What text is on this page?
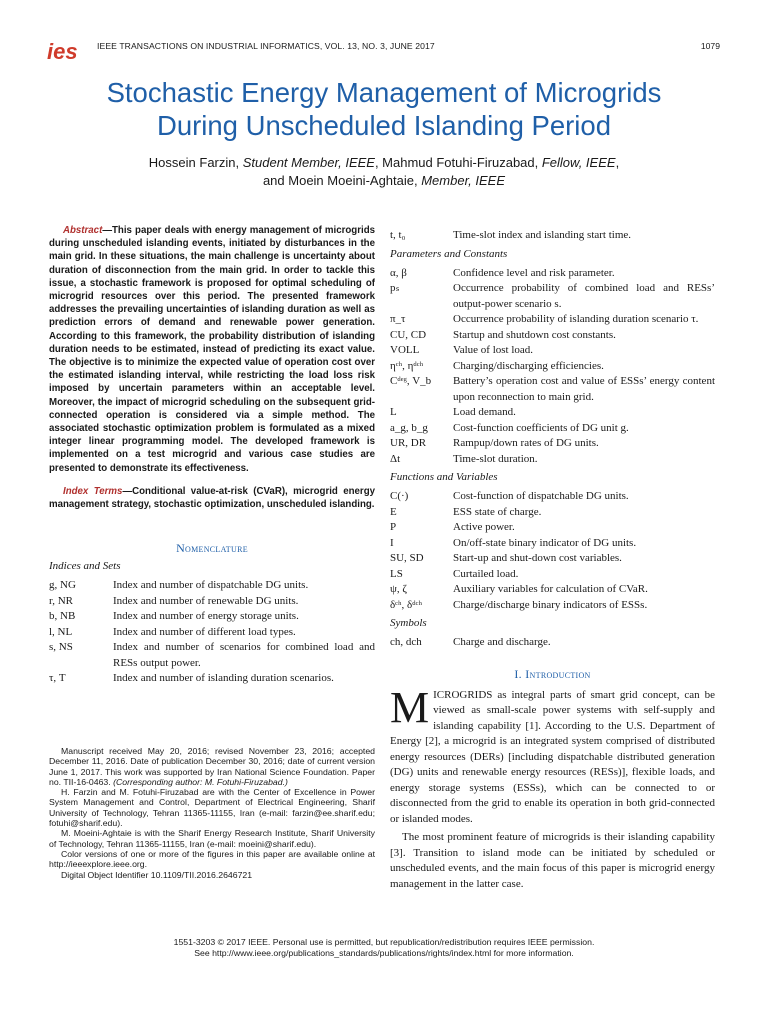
ies IEEE TRANSACTIONS ON INDUSTRIAL INFORMATICS, VOL. 13, NO. 3, JUNE 2017	1079
Stochastic Energy Management of Microgrids
During Unscheduled Islanding Period
Hossein Farzin, Student Member, IEEE, Mahmud Fotuhi-Firuzabad, Fellow, IEEE,
and Moein Moeini-Aghtaie, Member, IEEE

Abstract—This paper deals with energy management of microgrids during unscheduled islanding events, initiated by disturbances in the main grid. In these situations, the main challenge is uncertainty about duration of disconnection from the main grid. In order to tackle this issue, a stochastic framework is proposed for optimal scheduling of microgrid resources over this period. The presented framework addresses the prevailing uncertainties of islanding duration as well as prediction errors of demand and renewable power generation. According to this framework, the probability distribution of islanding duration needs to be estimated, instead of predicting its exact value. The objective is to minimize the expected value of operation cost over the estimated islanding interval, while restricting the load loss risk imposed by uncertain parameters within an acceptable level. Moreover, the impact of microgrid scheduling on the subsequent grid-connected operation is considered via a simple method. The associated stochastic optimization problem is formulated as a mixed integer linear programming model. The developed framework is implemented on a test microgrid and various case studies are presented to demonstrate its effectiveness.

Index Terms—Conditional value-at-risk (CVaR), microgrid energy management strategy, stochastic optimization, unscheduled islanding.

Nomenclature
Indices and Sets
g, NG	Index and number of dispatchable DG units.
r, NR	Index and number of renewable DG units.
b, NB	Index and number of energy storage units.
l, NL	Index and number of different load types.
s, NS	Index and number of scenarios for combined load and RESs output power.
τ, T	Index and number of islanding duration scenarios.

Manuscript received May 20, 2016; revised November 23, 2016; accepted December 11, 2016. Date of publication December 30, 2016; date of current version June 1, 2017. This work was supported by Iran National Science Foundation. Paper no. TII-16-0463. (Corresponding author: M. Fotuhi-Firuzabad.)

H. Farzin and M. Fotuhi-Firuzabad are with the Center of Excellence in Power System Management and Control, Department of Electrical Engineering, Sharif University of Technology, Tehran 11365-11155, Iran (e-mail: farzin@ee.sharif.edu; fotuhi@sharif.edu).

M. Moeini-Aghtaie is with the Sharif Energy Research Institute, Sharif University of Technology, Tehran 11365-11155, Iran (e-mail: moeini@sharif.edu).

Color versions of one or more of the figures in this paper are available online at http://ieeexplore.ieee.org.

Digital Object Identifier 10.1109/TII.2016.2646721

t, t₀	Time-slot index and islanding start time.
Parameters and Constants
α, β	Confidence level and risk parameter.
pₛ	Occurrence probability of combined load and RESs’ output-power scenario s.
π_τ	Occurrence probability of islanding duration scenario τ.
CU, CD	Startup and shutdown cost constants.
VOLL	Value of lost load.
ηᶜʰ, ηᵈᶜʰ	Charging/discharging efficiencies.
Cᵈᵉᵍ, V_b	Battery’s operation cost and value of ESSs’ energy content upon reconnection to main grid.
L	Load demand.
a_g, b_g	Cost-function coefficients of DG unit g.
UR, DR	Rampup/down rates of DG units.
Δt	Time-slot duration.
Functions and Variables
C(·)	Cost-function of dispatchable DG units.
E	ESS state of charge.
P	Active power.
I	On/off-state binary indicator of DG units.
SU, SD	Start-up and shut-down cost variables.
LS	Curtailed load.
ψ, ζ	Auxiliary variables for calculation of CVaR.
δᶜʰ, δᵈᶜʰ	Charge/discharge binary indicators of ESSs.
Symbols
ch, dch	Charge and discharge.
I. Introduction

MICROGRIDS as integral parts of smart grid concept, can be viewed as small-scale power systems with self-supply and islanding capability [1]. According to the U.S. Department of Energy [2], a microgrid is an integrated system comprised of distributed energy resources (DERs) [including dispatchable distributed generation (DG) units and renewable energy resources (RESs)], flexible loads, and energy storage systems (ESSs), which can be connected to or disconnected from the grid to enable its operation in both grid-connected or islanded modes.

The most prominent feature of microgrids is their islanding capability [3]. Transition to island mode can be initiated by scheduled or unscheduled events, and the main focus of this paper is microgrid energy management in the latter case.

1551-3203 © 2017 IEEE. Personal use is permitted, but republication/redistribution requires IEEE permission.
See http://www.ieee.org/publications_standards/publications/rights/index.html for more information.
